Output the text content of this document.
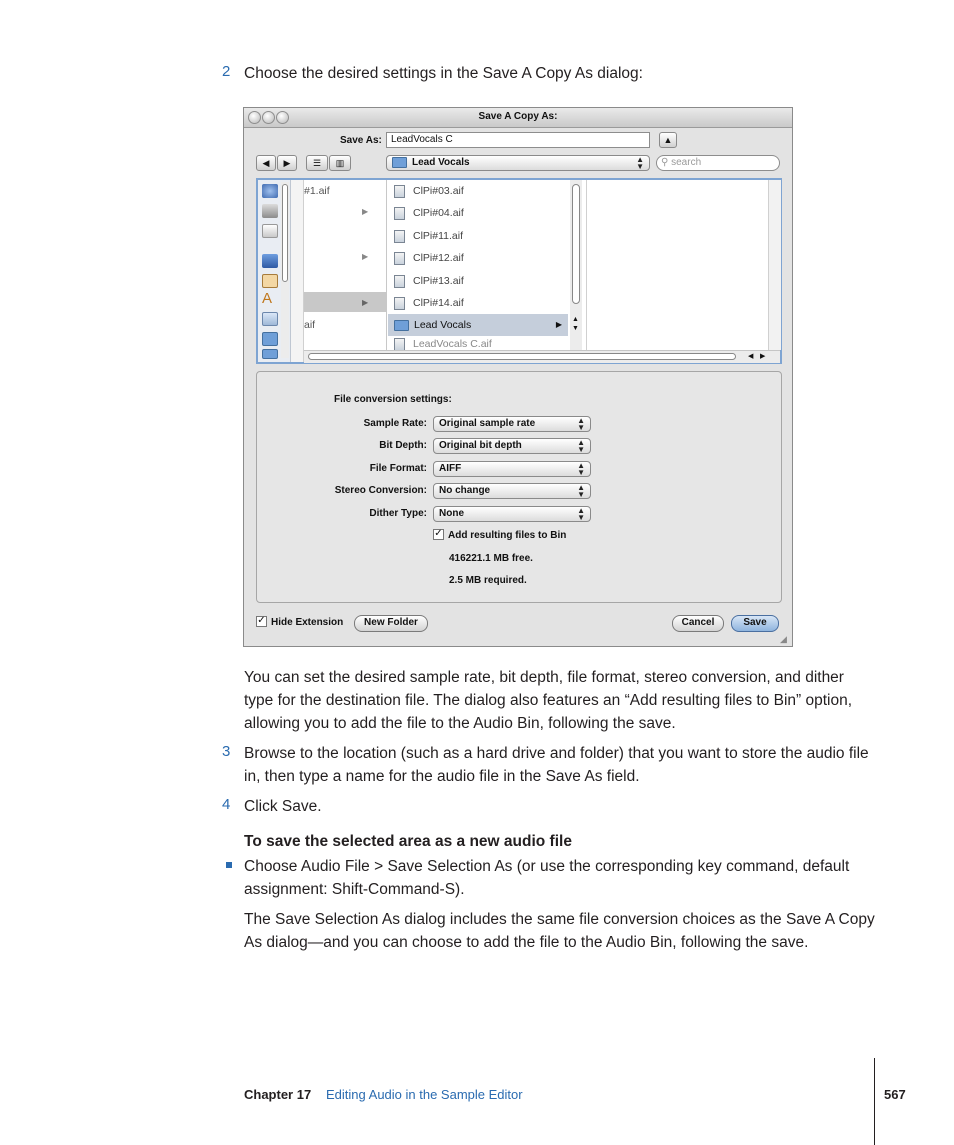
2 Choose the desired settings in the Save A Copy As dialog:
Save A Copy As:
Save As: LeadVocals C	▲
◀	▶	☰	▥	Lead Vocals	▲
▼	⚲ search
A
#1.aif
▶
▶
▶
aif
ClPi#03.aif
ClPi#04.aif
ClPi#11.aif
ClPi#12.aif
ClPi#13.aif
ClPi#14.aif
Lead Vocals	▶
LeadVocals C.aif
▲
▼
◀ ▶
File conversion settings:
Sample Rate:	Original sample rate	▲
▼
Bit Depth:	Original bit depth	▲
▼
File Format:	AIFF	▲
▼
Stereo Conversion:	No change	▲
▼
Dither Type:	None	▲
▼
✓ Add resulting files to Bin
416221.1 MB free.
2.5 MB required.
✓ Hide Extension	New Folder	Cancel	Save
◢
You can set the desired sample rate, bit depth, file format, stereo conversion, and dither type for the destination file. The dialog also features an “Add resulting files to Bin” option, allowing you to add the file to the Audio Bin, following the save.
3 Browse to the location (such as a hard drive and folder) that you want to store the audio file in, then type a name for the audio file in the Save As field.
4 Click Save.
To save the selected area as a new audio file
Choose Audio File > Save Selection As (or use the corresponding key command, default assignment: Shift-Command-S).
The Save Selection As dialog includes the same file conversion choices as the Save A Copy As dialog—and you can choose to add the file to the Audio Bin, following the save.
Chapter 17 Editing Audio in the Sample Editor	567
